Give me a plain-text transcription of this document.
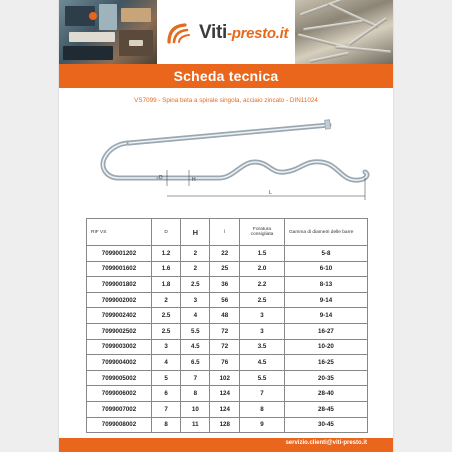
Viti-presto.it
Scheda tecnica
VS7099 - Spina beta a spirale singola, acciaio zincato - DIN11024
D	H
L
RIF VS	D	H	l	Foratura consigliata	Gamma di diametri delle barre
7099001202	1.2	2	22	1.5	5-8
7099001602	1.6	2	25	2.0	6-10
7099001802	1.8	2.5	36	2.2	8-13
7099002002	2	3	56	2.5	9-14
7099002402	2.5	4	48	3	9-14
7099002502	2.5	5.5	72	3	16-27
7099003002	3	4.5	72	3.5	10-20
7099004002	4	6.5	76	4.5	16-25
7099005002	5	7	102	5.5	20-35
7099006002	6	8	124	7	28-40
7099007002	7	10	124	8	28-45
7099008002	8	11	128	9	30-45
servizio.clienti@viti-presto.it
